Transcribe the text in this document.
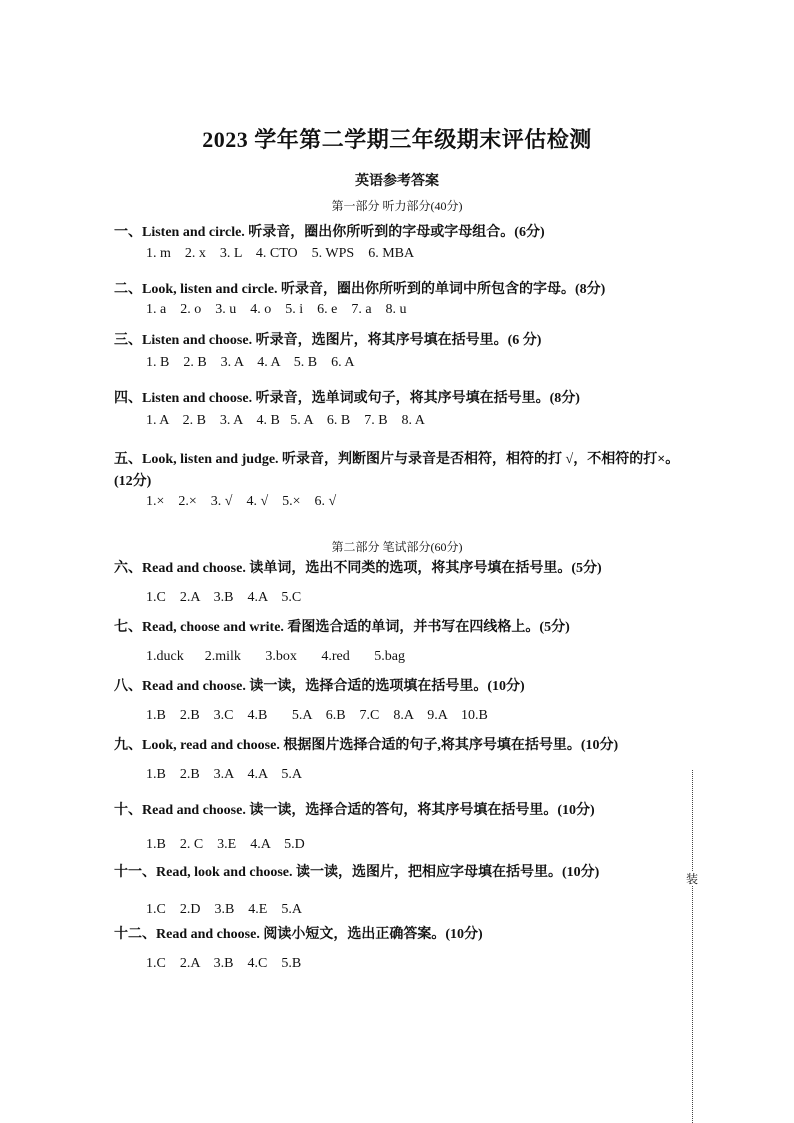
2023 学年第二学期三年级期末评估检测
英语参考答案
第一部分 听力部分(40分)
一、Listen and circle. 听录音，圈出你所听到的字母或字母组合。(6分)
1. m    2. x    3. L    4. CTO    5. WPS    6. MBA
二、Look, listen and circle. 听录音，圈出你所听到的单词中所包含的字母。(8分)
1. a    2. o    3. u    4. o    5. i    6. e    7. a    8. u
三、Listen and choose. 听录音，选图片，将其序号填在括号里。(6 分)
1. B    2. B    3. A    4. A    5. B    6. A
四、Listen and choose. 听录音，选单词或句子，将其序号填在括号里。(8分)
1. A    2. B    3. A    4. B   5. A    6. B    7. B    8. A
五、Look, listen and judge. 听录音，判断图片与录音是否相符，相符的打 √，不相符的打×。(12分)
1.×    2.×    3. √    4. √    5.×    6. √
第二部分 笔试部分(60分)
六、Read and choose. 读单词，选出不同类的选项，将其序号填在括号里。(5分)
1.C    2.A    3.B    4.A    5.C
七、Read, choose and write. 看图选合适的单词，并书写在四线格上。(5分)
1.duck      2.milk       3.box       4.red       5.bag
八、Read and choose. 读一读，选择合适的选项填在括号里。(10分)
1.B    2.B    3.C    4.B       5.A    6.B    7.C    8.A    9.A    10.B
九、Look, read and choose. 根据图片选择合适的句子,将其序号填在括号里。(10分)
1.B    2.B    3.A    4.A    5.A
十、Read and choose. 读一读，选择合适的答句，将其序号填在括号里。(10分)
1.B    2. C    3.E    4.A    5.D
十一、Read, look and choose. 读一读，选图片，把相应字母填在括号里。(10分)
1.C    2.D    3.B    4.E    5.A
十二、Read and choose. 阅读小短文，选出正确答案。(10分)
1.C    2.A    3.B    4.C    5.B
装
